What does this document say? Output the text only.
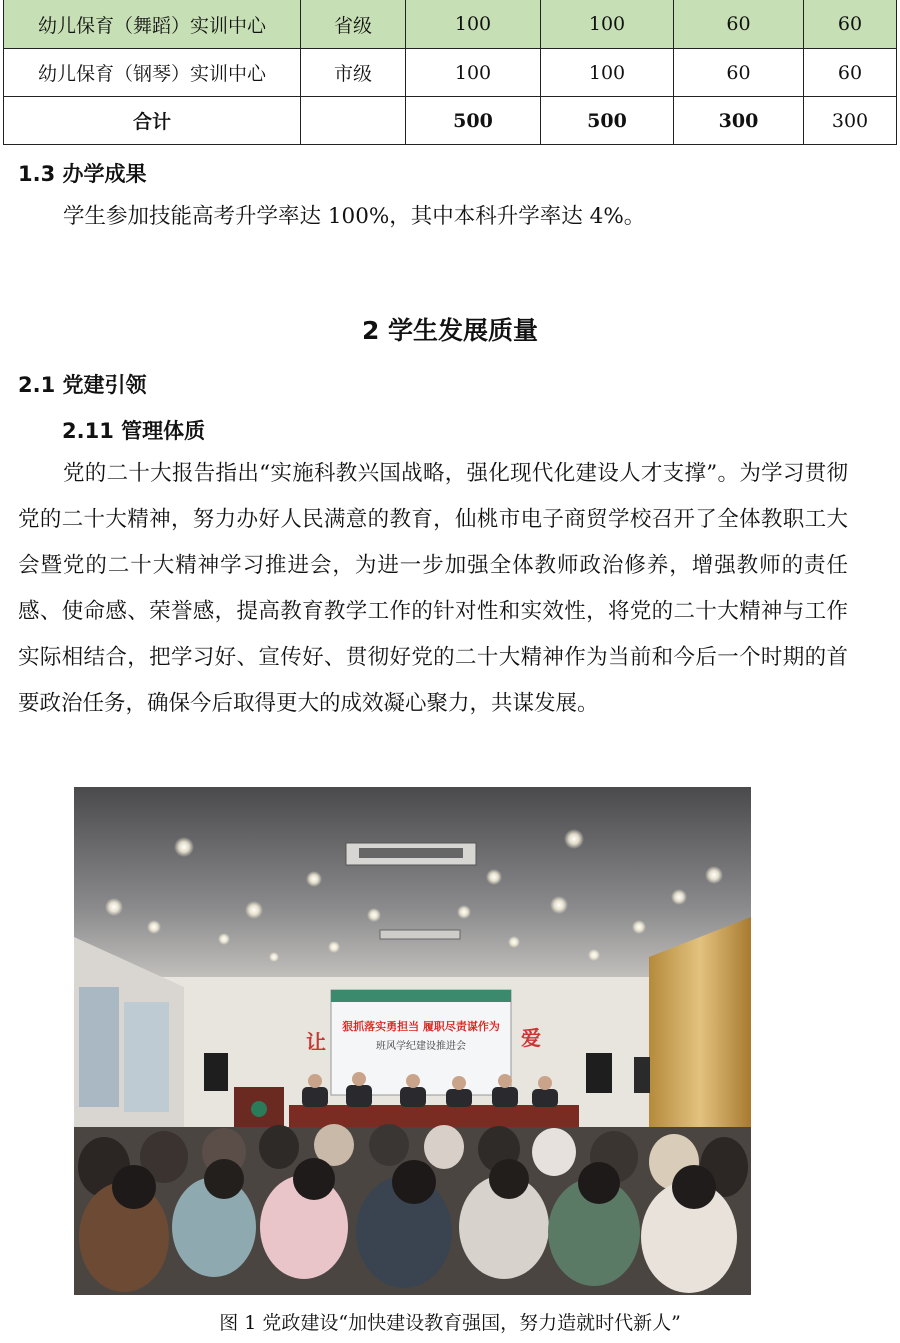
幼儿保育（舞蹈）实训中心	省级	100	100	60	60
幼儿保育（钢琴）实训中心	市级	100	100	60	60
合计		500	500	300	300
1.3 办学成果
学生参加技能高考升学率达 100%，其中本科升学率达 4%。
2 学生发展质量
2.1 党建引领
2.11 管理体质
党的二十大报告指出“实施科教兴国战略，强化现代化建设人才支撑”。为学习贯彻党的二十大精神，努力办好人民满意的教育，仙桃市电子商贸学校召开了全体教职工大会暨党的二十大精神学习推进会，为进一步加强全体教师政治修养，增强教师的责任感、使命感、荣誉感，提高教育教学工作的针对性和实效性，将党的二十大精神与工作实际相结合，把学习好、宣传好、贯彻好党的二十大精神作为当前和今后一个时期的首要政治任务，确保今后取得更大的成效凝心聚力，共谋发展。
让	爱
狠抓落实勇担当 履职尽责谋作为
班风学纪建设推进会
图 1 党政建设“加快建设教育强国，努力造就时代新人”
